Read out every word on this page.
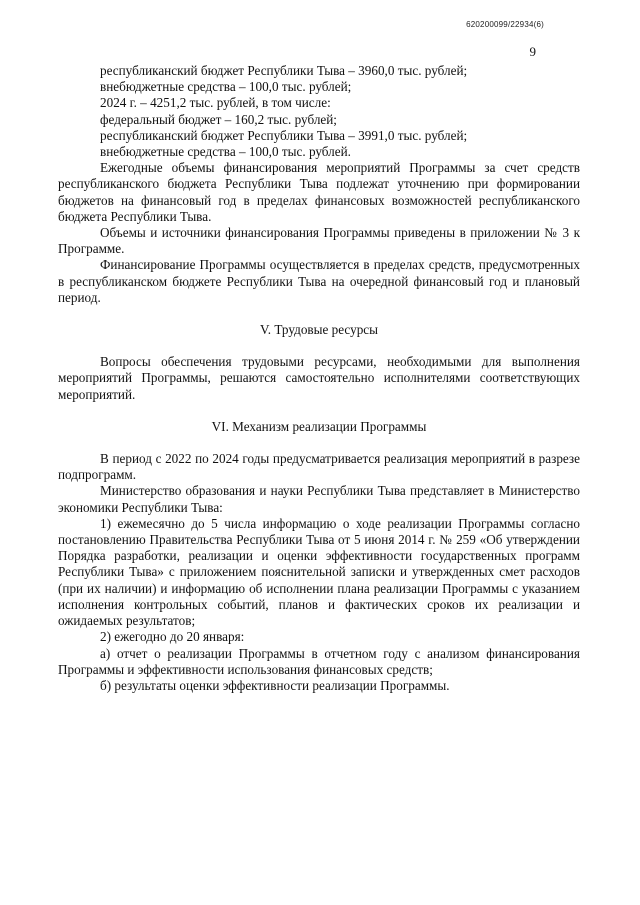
620200099/22934(6)
9

республиканский бюджет Республики Тыва – 3960,0 тыс. рублей;

внебюджетные средства – 100,0 тыс. рублей;

2024 г. – 4251,2 тыс. рублей, в том числе:

федеральный бюджет – 160,2 тыс. рублей;

республиканский бюджет Республики Тыва – 3991,0 тыс. рублей;

внебюджетные средства – 100,0 тыс. рублей.

Ежегодные объемы финансирования мероприятий Программы за счет средств республиканского бюджета Республики Тыва подлежат уточнению при формировании бюджетов на финансовый год в пределах финансовых возможностей республиканского бюджета Республики Тыва.

Объемы и источники финансирования Программы приведены в приложении № 3 к Программе.

Финансирование Программы осуществляется в пределах средств, предусмотренных в республиканском бюджете Республики Тыва на очередной финансовый год и плановый период.

V. Трудовые ресурсы

Вопросы обеспечения трудовыми ресурсами, необходимыми для выполнения мероприятий Программы, решаются самостоятельно исполнителями соответствующих мероприятий.

VI. Механизм реализации Программы

В период с 2022 по 2024 годы предусматривается реализация мероприятий в разрезе подпрограмм.

Министерство образования и науки Республики Тыва представляет в Министерство экономики Республики Тыва:

1) ежемесячно до 5 числа информацию о ходе реализации Программы согласно постановлению Правительства Республики Тыва от 5 июня 2014 г. № 259 «Об утверждении Порядка разработки, реализации и оценки эффективности государственных программ Республики Тыва» с приложением пояснительной записки и утвержденных смет расходов (при их наличии) и информацию об исполнении плана реализации Программы с указанием исполнения контрольных событий, планов и фактических сроков их реализации и ожидаемых результатов;

2) ежегодно до 20 января:

а) отчет о реализации Программы в отчетном году с анализом финансирования Программы и эффективности использования финансовых средств;

б) результаты оценки эффективности реализации Программы.
